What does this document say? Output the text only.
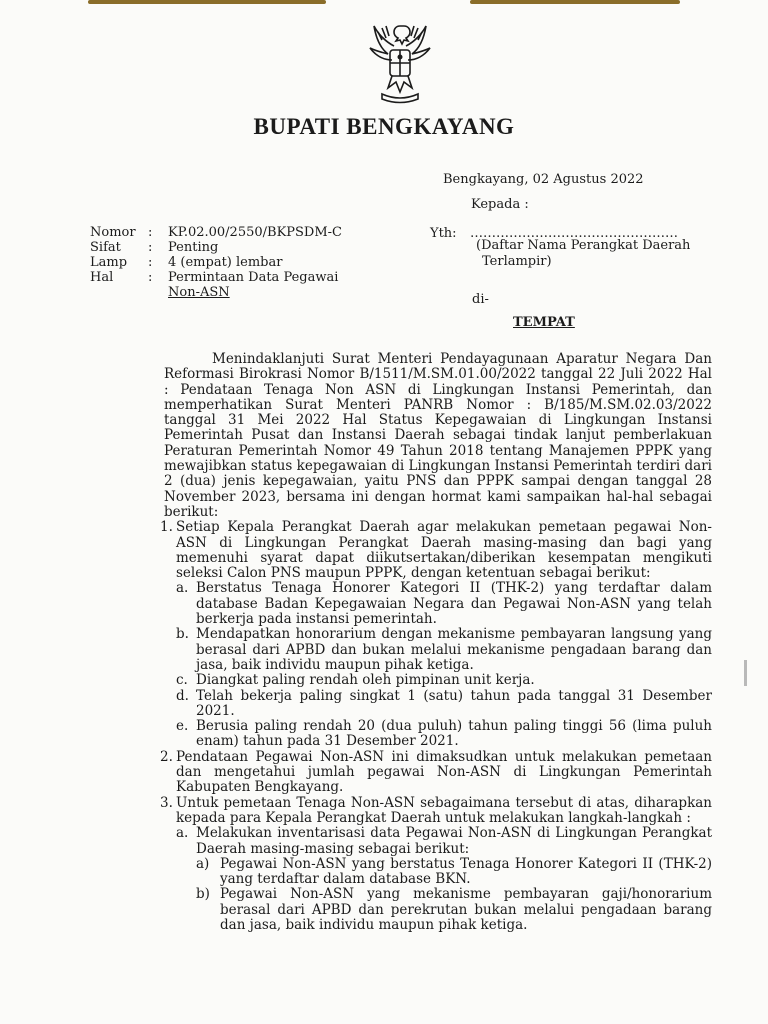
BUPATI BENGKAYANG
Bengkayang, 02 Agustus 2022
Kepada :
Nomor :	KP.02.00/2550/BKPSDM-C
Sifat	:	Penting
Lamp	:	4 (empat) lembar
Hal	:	Permintaan Data Pegawai
Non-ASN
Yth: …………………………………………
(Daftar Nama Perangkat Daerah
Terlampir)
di-
TEMPAT

Menindaklanjuti Surat Menteri Pendayagunaan Aparatur Negara Dan Reformasi Birokrasi Nomor B/1511/M.SM.01.00/2022 tanggal 22 Juli 2022 Hal : Pendataan Tenaga Non ASN di Lingkungan Instansi Pemerintah, dan memperhatikan Surat Menteri PANRB Nomor : B/185/M.SM.02.03/2022 tanggal 31 Mei 2022 Hal Status Kepegawaian di Lingkungan Instansi Pemerintah Pusat dan Instansi Daerah sebagai tindak lanjut pemberlakuan Peraturan Pemerintah Nomor 49 Tahun 2018 tentang Manajemen PPPK yang mewajibkan status kepegawaian di Lingkungan Instansi Pemerintah terdiri dari 2 (dua) jenis kepegawaian, yaitu PNS dan PPPK sampai dengan tanggal 28 November 2023, bersama ini dengan hormat kami sampaikan hal-hal sebagai berikut:

1. Setiap Kepala Perangkat Daerah agar melakukan pemetaan pegawai Non-ASN di Lingkungan Perangkat Daerah masing-masing dan bagi yang memenuhi syarat dapat diikutsertakan/diberikan kesempatan mengikuti seleksi Calon PNS maupun PPPK, dengan ketentuan sebagai berikut:
a. Berstatus Tenaga Honorer Kategori II (THK-2) yang terdaftar dalam database Badan Kepegawaian Negara dan Pegawai Non-ASN yang telah berkerja pada instansi pemerintah.
b. Mendapatkan honorarium dengan mekanisme pembayaran langsung yang berasal dari APBD dan bukan melalui mekanisme pengadaan barang dan jasa, baik individu maupun pihak ketiga.
c. Diangkat paling rendah oleh pimpinan unit kerja.
d. Telah bekerja paling singkat 1 (satu) tahun pada tanggal 31 Desember 2021.
e. Berusia paling rendah 20 (dua puluh) tahun paling tinggi 56 (lima puluh enam) tahun pada 31 Desember 2021.
2. Pendataan Pegawai Non-ASN ini dimaksudkan untuk melakukan pemetaan dan mengetahui jumlah pegawai Non-ASN di Lingkungan Pemerintah Kabupaten Bengkayang.
3. Untuk pemetaan Tenaga Non-ASN sebagaimana tersebut di atas, diharapkan kepada para Kepala Perangkat Daerah untuk melakukan langkah-langkah :
a. Melakukan inventarisasi data Pegawai Non-ASN di Lingkungan Perangkat Daerah masing-masing sebagai berikut:
a) Pegawai Non-ASN yang berstatus Tenaga Honorer Kategori II (THK-2) yang terdaftar dalam database BKN.
b) Pegawai Non-ASN yang mekanisme pembayaran gaji/honorarium berasal dari APBD dan perekrutan bukan melalui pengadaan barang dan jasa, baik individu maupun pihak ketiga.
